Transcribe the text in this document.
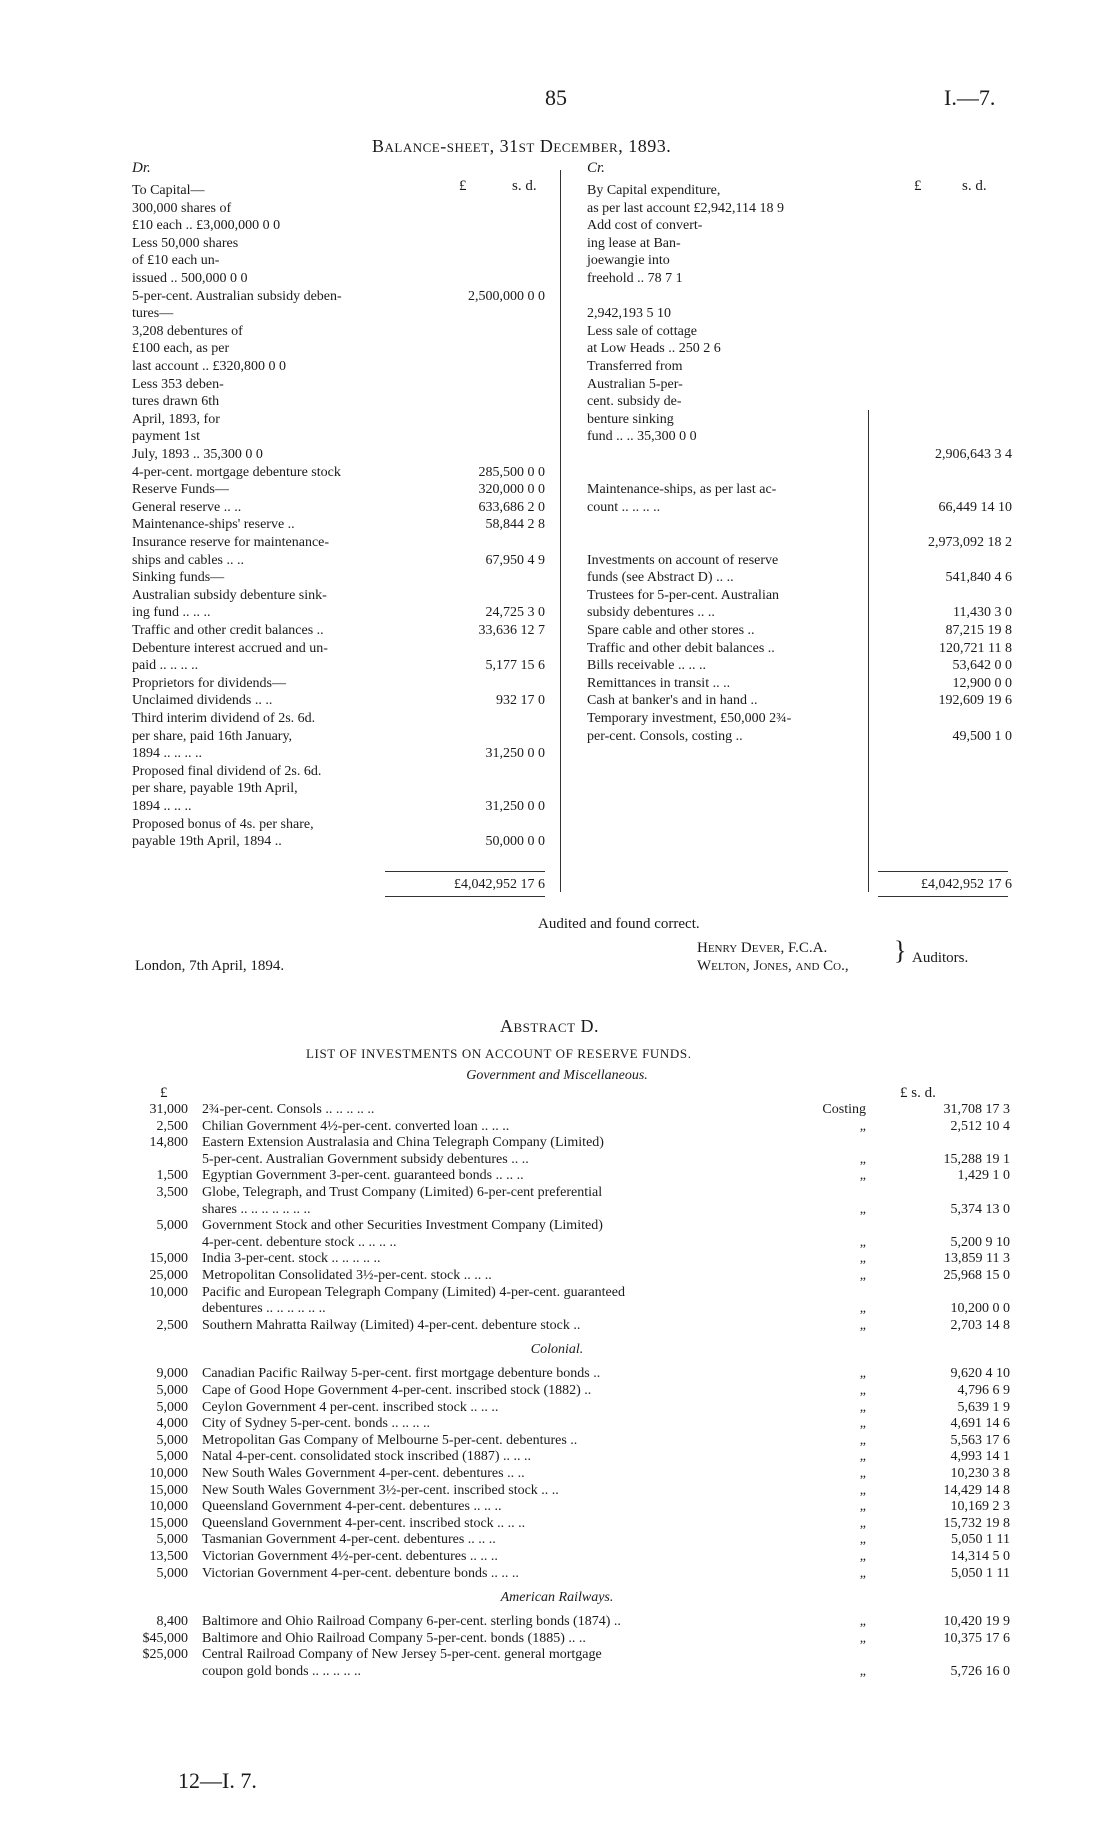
85	I.—7.
Balance-sheet, 31st December, 1893.
Dr.	Cr.
£	s. d.	£	s. d.
To Capital—
300,000 shares of
£10 each .. £3,000,000 0 0
Less 50,000 shares
of £10 each un-
issued .. 500,000 0 0
5-per-cent. Australian subsidy deben-	2,500,000 0 0
tures—
3,208 debentures of
£100 each, as per
last account .. £320,800 0 0
Less 353 deben-
tures drawn 6th
April, 1893, for
payment 1st
July, 1893 .. 35,300 0 0
4-per-cent. mortgage debenture stock	285,500 0 0
Reserve Funds—	320,000 0 0
General reserve .. ..	633,686 2 0
Maintenance-ships' reserve ..	58,844 2 8
Insurance reserve for maintenance-
ships and cables .. ..	67,950 4 9
Sinking funds—
Australian subsidy debenture sink-
ing fund .. .. ..	24,725 3 0
Traffic and other credit balances ..	33,636 12 7
Debenture interest accrued and un-
paid .. .. .. ..	5,177 15 6
Proprietors for dividends—
Unclaimed dividends .. ..	932 17 0
Third interim dividend of 2s. 6d.
per share, paid 16th January,
1894 .. .. .. ..	31,250 0 0
Proposed final dividend of 2s. 6d.
per share, payable 19th April,
1894 .. .. ..	31,250 0 0
Proposed bonus of 4s. per share,
payable 19th April, 1894 ..	50,000 0 0
By Capital expenditure,
as per last account £2,942,114 18 9
Add cost of convert-
ing lease at Ban-
joewangie into
freehold .. 78 7 1
2,942,193 5 10
Less sale of cottage
at Low Heads .. 250 2 6
Transferred from
Australian 5-per-
cent. subsidy de-
benture sinking
fund .. .. 35,300 0 0
2,906,643 3 4
Maintenance-ships, as per last ac-
count .. .. .. ..	66,449 14 10
2,973,092 18 2
Investments on account of reserve
funds (see Abstract D) .. ..	541,840 4 6
Trustees for 5-per-cent. Australian
subsidy debentures .. ..	11,430 3 0
Spare cable and other stores ..	87,215 19 8
Traffic and other debit balances ..	120,721 11 8
Bills receivable .. .. ..	53,642 0 0
Remittances in transit .. ..	12,900 0 0
Cash at banker's and in hand ..	192,609 19 6
Temporary investment, £50,000 2¾-
per-cent. Consols, costing ..	49,500 1 0
£4,042,952 17 6	£4,042,952 17 6
Audited and found correct.
London, 7th April, 1894.
Henry Dever, F.C.A.
Welton, Jones, and Co.,
} Auditors.
Abstract D.
LIST OF INVESTMENTS ON ACCOUNT OF RESERVE FUNDS.
£	£ s. d.
Government and Miscellaneous.
31,000 2¾-per-cent. Consols .. .. .. .. ..	Costing	31,708 17 3
2,500 Chilian Government 4½-per-cent. converted loan .. .. ..	„	2,512 10 4
14,800 Eastern Extension Australasia and China Telegraph Company (Limited)
5-per-cent. Australian Government subsidy debentures .. ..	„	15,288 19 1
1,500 Egyptian Government 3-per-cent. guaranteed bonds .. .. ..	„	1,429 1 0
3,500 Globe, Telegraph, and Trust Company (Limited) 6-per-cent preferential
shares .. .. .. .. .. .. ..	„	5,374 13 0
5,000 Government Stock and other Securities Investment Company (Limited)
4-per-cent. debenture stock .. .. .. ..	„	5,200 9 10
15,000 India 3-per-cent. stock .. .. .. .. ..	„	13,859 11 3
25,000 Metropolitan Consolidated 3½-per-cent. stock .. .. ..	„	25,968 15 0
10,000 Pacific and European Telegraph Company (Limited) 4-per-cent. guaranteed
debentures .. .. .. .. .. ..	„	10,200 0 0
2,500 Southern Mahratta Railway (Limited) 4-per-cent. debenture stock ..	„	2,703 14 8
Colonial.
9,000 Canadian Pacific Railway 5-per-cent. first mortgage debenture bonds ..	„	9,620 4 10
5,000 Cape of Good Hope Government 4-per-cent. inscribed stock (1882) ..	„	4,796 6 9
5,000 Ceylon Government 4 per-cent. inscribed stock .. .. ..	„	5,639 1 9
4,000 City of Sydney 5-per-cent. bonds .. .. .. ..	„	4,691 14 6
5,000 Metropolitan Gas Company of Melbourne 5-per-cent. debentures ..	„	5,563 17 6
5,000 Natal 4-per-cent. consolidated stock inscribed (1887) .. .. ..	„	4,993 14 1
10,000 New South Wales Government 4-per-cent. debentures .. ..	„	10,230 3 8
15,000 New South Wales Government 3½-per-cent. inscribed stock .. ..	„	14,429 14 8
10,000 Queensland Government 4-per-cent. debentures .. .. ..	„	10,169 2 3
15,000 Queensland Government 4-per-cent. inscribed stock .. .. ..	„	15,732 19 8
5,000 Tasmanian Government 4-per-cent. debentures .. .. ..	„	5,050 1 11
13,500 Victorian Government 4½-per-cent. debentures .. .. ..	„	14,314 5 0
5,000 Victorian Government 4-per-cent. debenture bonds .. .. ..	„	5,050 1 11
American Railways.
8,400 Baltimore and Ohio Railroad Company 6-per-cent. sterling bonds (1874) ..	„	10,420 19 9
$45,000 Baltimore and Ohio Railroad Company 5-per-cent. bonds (1885) .. ..	„	10,375 17 6
$25,000 Central Railroad Company of New Jersey 5-per-cent. general mortgage
coupon gold bonds .. .. .. .. ..	„	5,726 16 0
12—I. 7.
